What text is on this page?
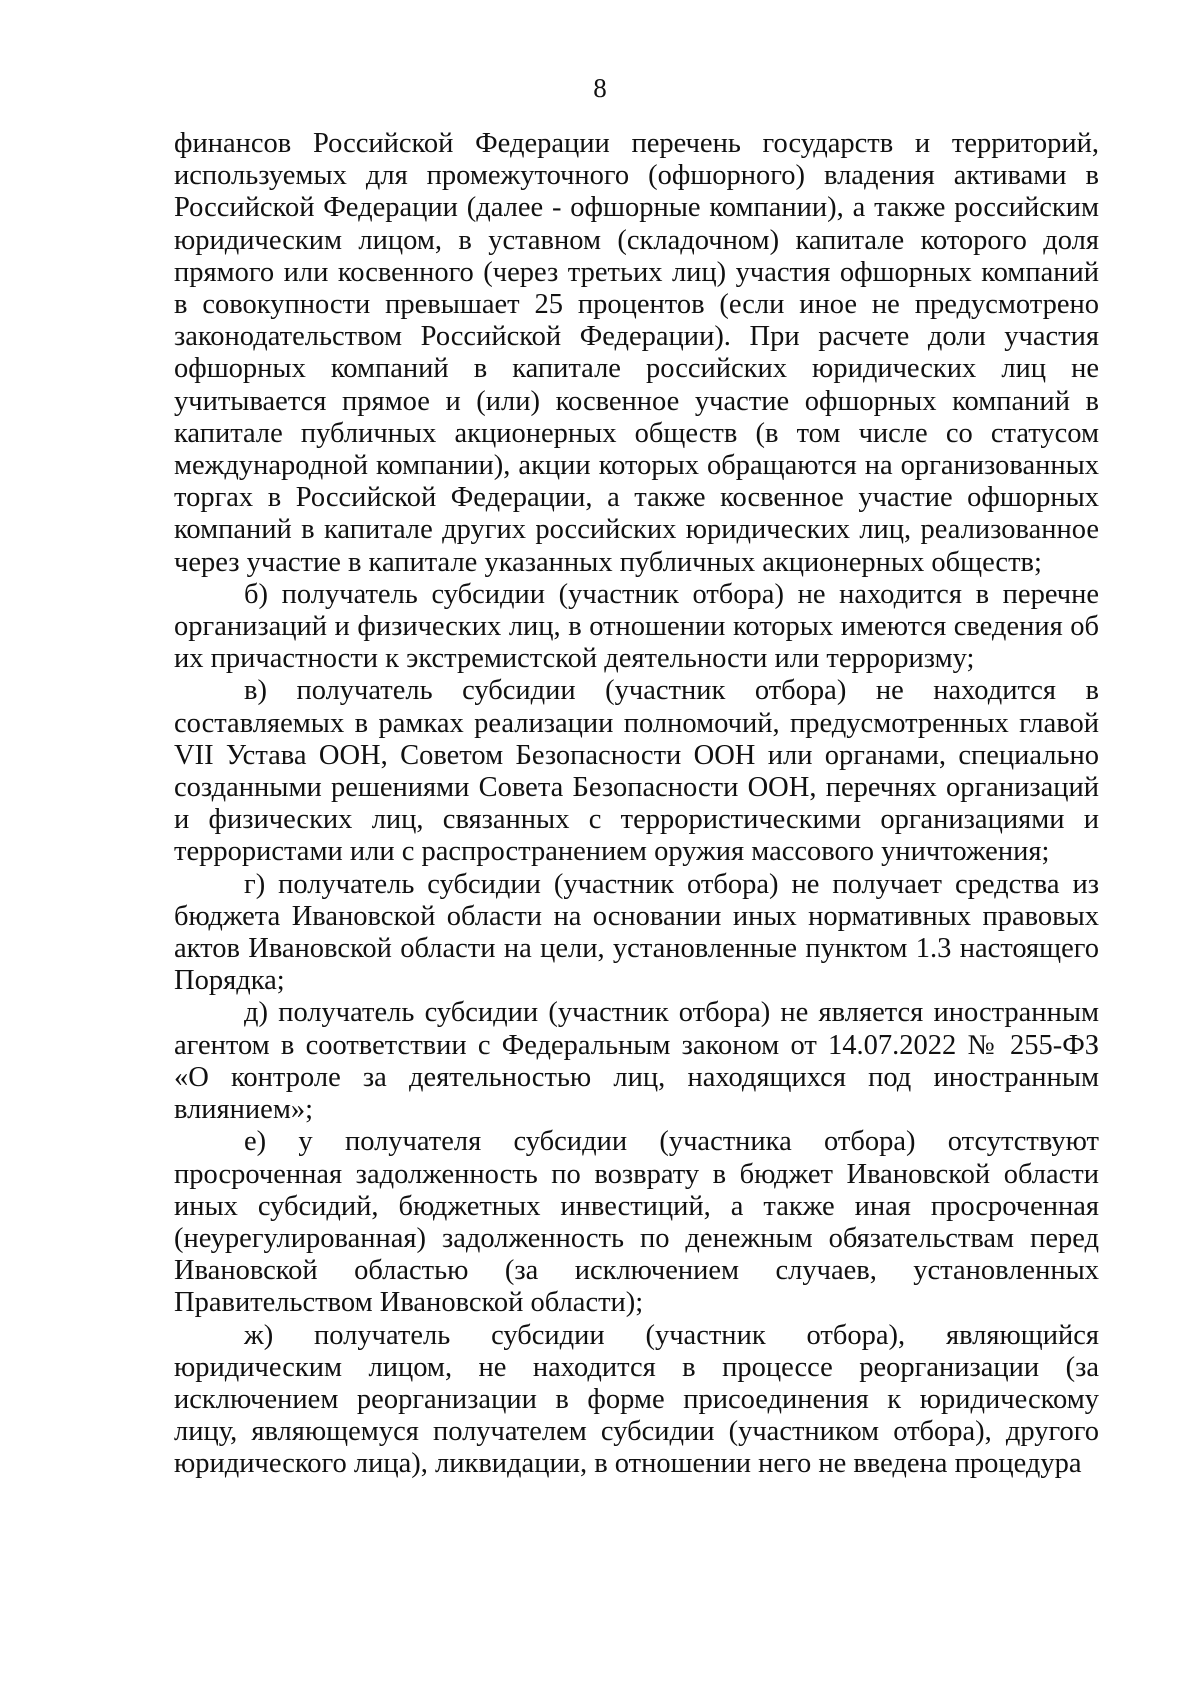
8

финансов Российской Федерации перечень государств и территорий, используемых для промежуточного (офшорного) владения активами в Российской Федерации (далее - офшорные компании), а также российским юридическим лицом, в уставном (складочном) капитале которого доля прямого или косвенного (через третьих лиц) участия офшорных компаний в совокупности превышает 25 процентов (если иное не предусмотрено законодательством Российской Федерации). При расчете доли участия офшорных компаний в капитале российских юридических лиц не учитывается прямое и (или) косвенное участие офшорных компаний в капитале публичных акционерных обществ (в том числе со статусом международной компании), акции которых обращаются на организованных торгах в Российской Федерации, а также косвенное участие офшорных компаний в капитале других российских юридических лиц, реализованное через участие в капитале указанных публичных акционерных обществ;

б) получатель субсидии (участник отбора) не находится в перечне организаций и физических лиц, в отношении которых имеются сведения об их причастности к экстремистской деятельности или терроризму;

в) получатель субсидии (участник отбора) не находится в составляемых в рамках реализации полномочий, предусмотренных главой VII Устава ООН, Советом Безопасности ООН или органами, специально созданными решениями Совета Безопасности ООН, перечнях организаций и физических лиц, связанных с террористическими организациями и террористами или с распространением оружия массового уничтожения;

г) получатель субсидии (участник отбора) не получает средства из бюджета Ивановской области на основании иных нормативных правовых актов Ивановской области на цели, установленные пунктом 1.3 настоящего Порядка;

д) получатель субсидии (участник отбора) не является иностранным агентом в соответствии с Федеральным законом от 14.07.2022 № 255-ФЗ «О контроле за деятельностью лиц, находящихся под иностранным влиянием»;

е) у получателя субсидии (участника отбора) отсутствуют просроченная задолженность по возврату в бюджет Ивановской области иных субсидий, бюджетных инвестиций, а также иная просроченная (неурегулированная) задолженность по денежным обязательствам перед Ивановской областью (за исключением случаев, установленных Правительством Ивановской области);

ж) получатель субсидии (участник отбора), являющийся юридическим лицом, не находится в процессе реорганизации (за исключением реорганизации в форме присоединения к юридическому лицу, являющемуся получателем субсидии (участником отбора), другого юридического лица), ликвидации, в отношении него не введена процедура
